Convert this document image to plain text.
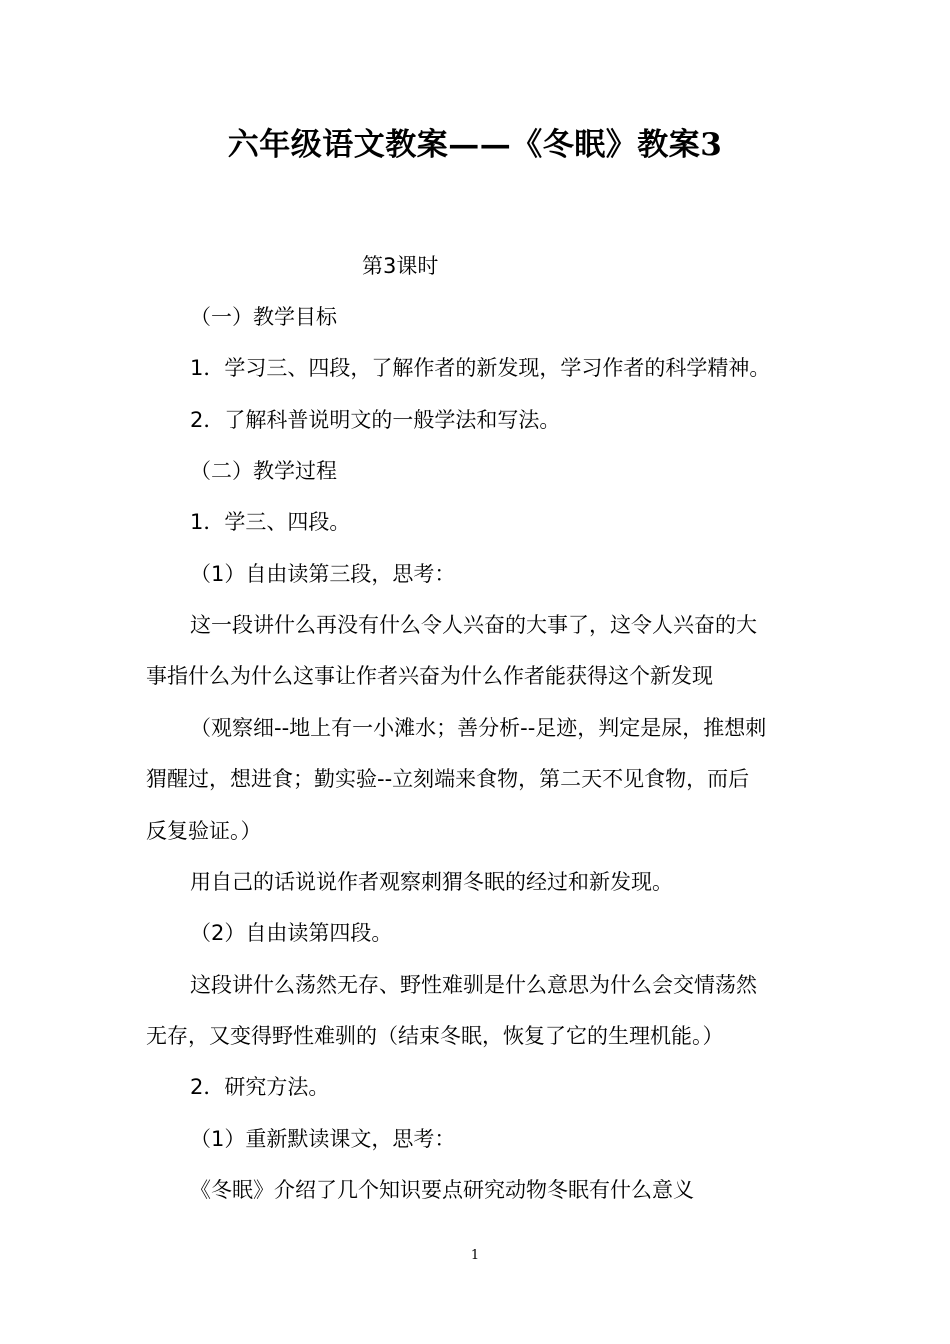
六年级语文教案——《冬眠》教案3
第3课时
（一）教学目标
1．学习三、四段，了解作者的新发现，学习作者的科学精神。
2．了解科普说明文的一般学法和写法。
（二）教学过程
1．学三、四段。
（1）自由读第三段，思考：
这一段讲什么再没有什么令人兴奋的大事了，这令人兴奋的大
事指什么为什么这事让作者兴奋为什么作者能获得这个新发现
（观察细--地上有一小滩水；善分析--足迹，判定是尿，推想刺
猬醒过，想进食；勤实验--立刻端来食物，第二天不见食物，而后
反复验证。）
用自己的话说说作者观察刺猬冬眠的经过和新发现。
（2）自由读第四段。
这段讲什么荡然无存、野性难驯是什么意思为什么会交情荡然
无存，又变得野性难驯的（结束冬眠，恢复了它的生理机能。）
2．研究方法。
（1）重新默读课文，思考：
《冬眠》介绍了几个知识要点研究动物冬眠有什么意义
1
